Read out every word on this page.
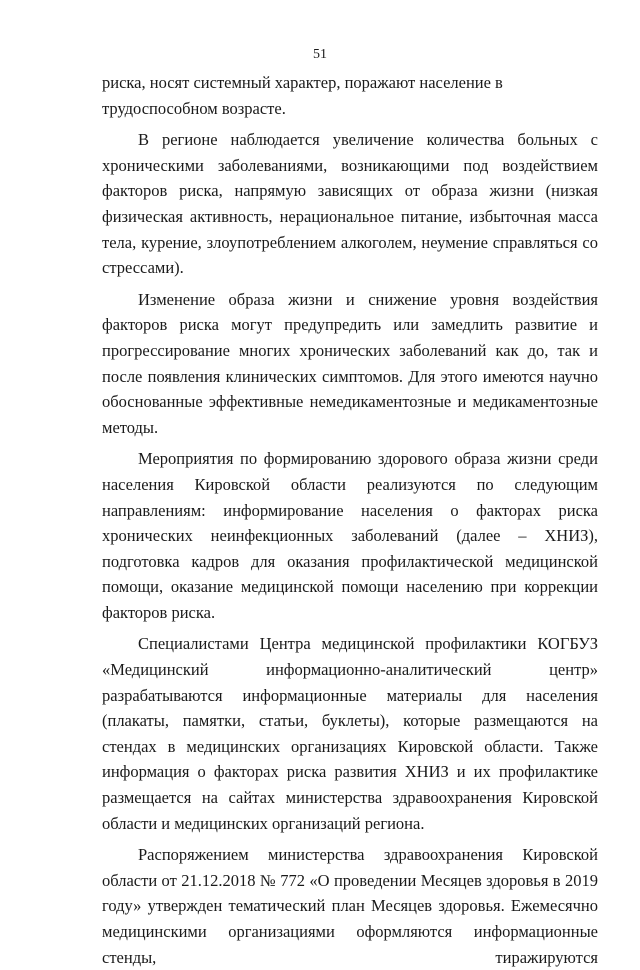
51

риска, носят системный характер, поражают население в трудоспособном возрасте.

В регионе наблюдается увеличение количества больных с хроническими заболеваниями, возникающими под воздействием факторов риска, напрямую зависящих от образа жизни (низкая физическая активность, нерациональное питание, избыточная масса тела, курение, злоупотреблением алкоголем, неумение справляться со стрессами).

Изменение образа жизни и снижение уровня воздействия факторов риска могут предупредить или замедлить развитие и прогрессирование многих хронических заболеваний как до, так и после появления клинических симптомов. Для этого имеются научно обоснованные эффективные немедикаментозные и медикаментозные методы.

Мероприятия по формированию здорового образа жизни среди населения Кировской области реализуются по следующим направлениям: информирование населения о факторах риска хронических неинфекционных заболеваний (далее – ХНИЗ), подготовка кадров для оказания профилактической медицинской помощи, оказание медицинской помощи населению при коррекции факторов риска.

Специалистами Центра медицинской профилактики КОГБУЗ «Медицинский информационно-аналитический центр» разрабатываются информационные материалы для населения (плакаты, памятки, статьи, буклеты), которые размещаются на стендах в медицинских организациях Кировской области. Также информация о факторах риска развития ХНИЗ и их профилактике размещается на сайтах министерства здравоохранения Кировской области и медицинских организаций региона.

Распоряжением министерства здравоохранения Кировской области от 21.12.2018 № 772 «О проведении Месяцев здоровья в 2019 году» утвержден тематический план Месяцев здоровья. Ежемесячно медицинскими организациями оформляются информационные стенды, тиражируются
